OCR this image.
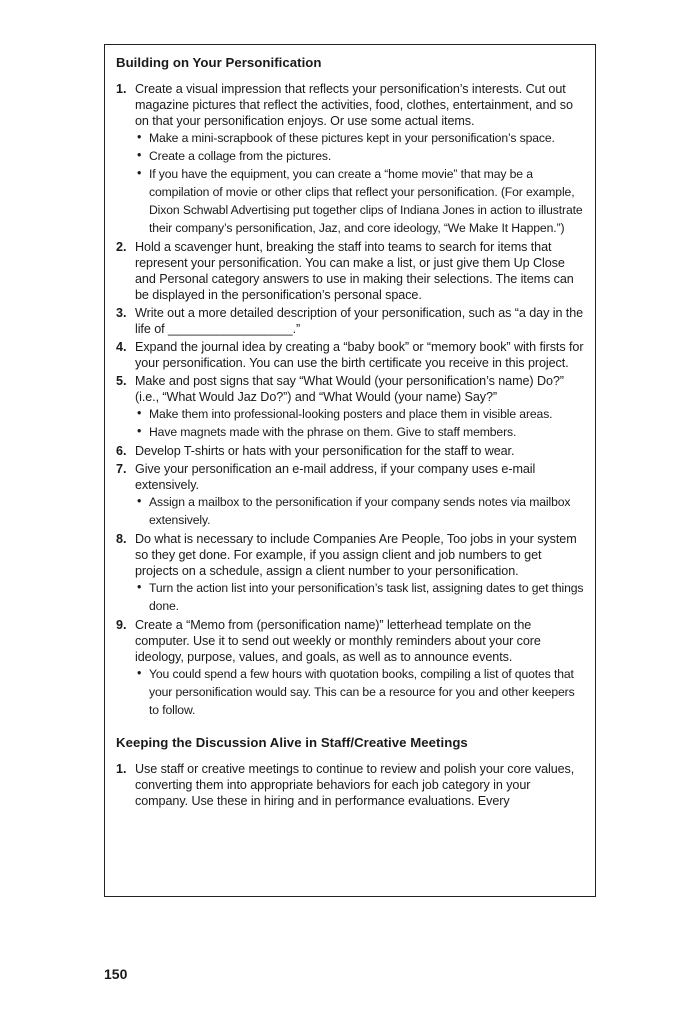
Building on Your Personification
1. Create a visual impression that reflects your personification’s interests. Cut out magazine pictures that reflect the activities, food, clothes, entertainment, and so on that your personification enjoys. Or use some actual items.
• Make a mini-scrapbook of these pictures kept in your personification’s space.
• Create a collage from the pictures.
• If you have the equipment, you can create a “home movie” that may be a compilation of movie or other clips that reflect your personification. (For example, Dixon Schwabl Advertising put together clips of Indiana Jones in action to illustrate their company’s personification, Jaz, and core ideology, “We Make It Happen.”)
2. Hold a scavenger hunt, breaking the staff into teams to search for items that represent your personification. You can make a list, or just give them Up Close and Personal category answers to use in making their selections. The items can be displayed in the personification’s personal space.
3. Write out a more detailed description of your personification, such as “a day in the life of __________________.”
4. Expand the journal idea by creating a “baby book” or “memory book” with firsts for your personification. You can use the birth certificate you receive in this project.
5. Make and post signs that say “What Would (your personification’s name) Do?” (i.e., “What Would Jaz Do?”) and “What Would (your name) Say?”
• Make them into professional-looking posters and place them in visible areas.
• Have magnets made with the phrase on them. Give to staff members.
6. Develop T-shirts or hats with your personification for the staff to wear.
7. Give your personification an e-mail address, if your company uses e-mail extensively.
• Assign a mailbox to the personification if your company sends notes via mailbox extensively.
8. Do what is necessary to include Companies Are People, Too jobs in your system so they get done. For example, if you assign client and job numbers to get projects on a schedule, assign a client number to your personification.
• Turn the action list into your personification’s task list, assigning dates to get things done.
9. Create a “Memo from (personification name)” letterhead template on the computer. Use it to send out weekly or monthly reminders about your core ideology, purpose, values, and goals, as well as to announce events.
• You could spend a few hours with quotation books, compiling a list of quotes that your personification would say. This can be a resource for you and other keepers to follow.
Keeping the Discussion Alive in Staff/Creative Meetings
1. Use staff or creative meetings to continue to review and polish your core values, converting them into appropriate behaviors for each job category in your company. Use these in hiring and in performance evaluations. Every
150
